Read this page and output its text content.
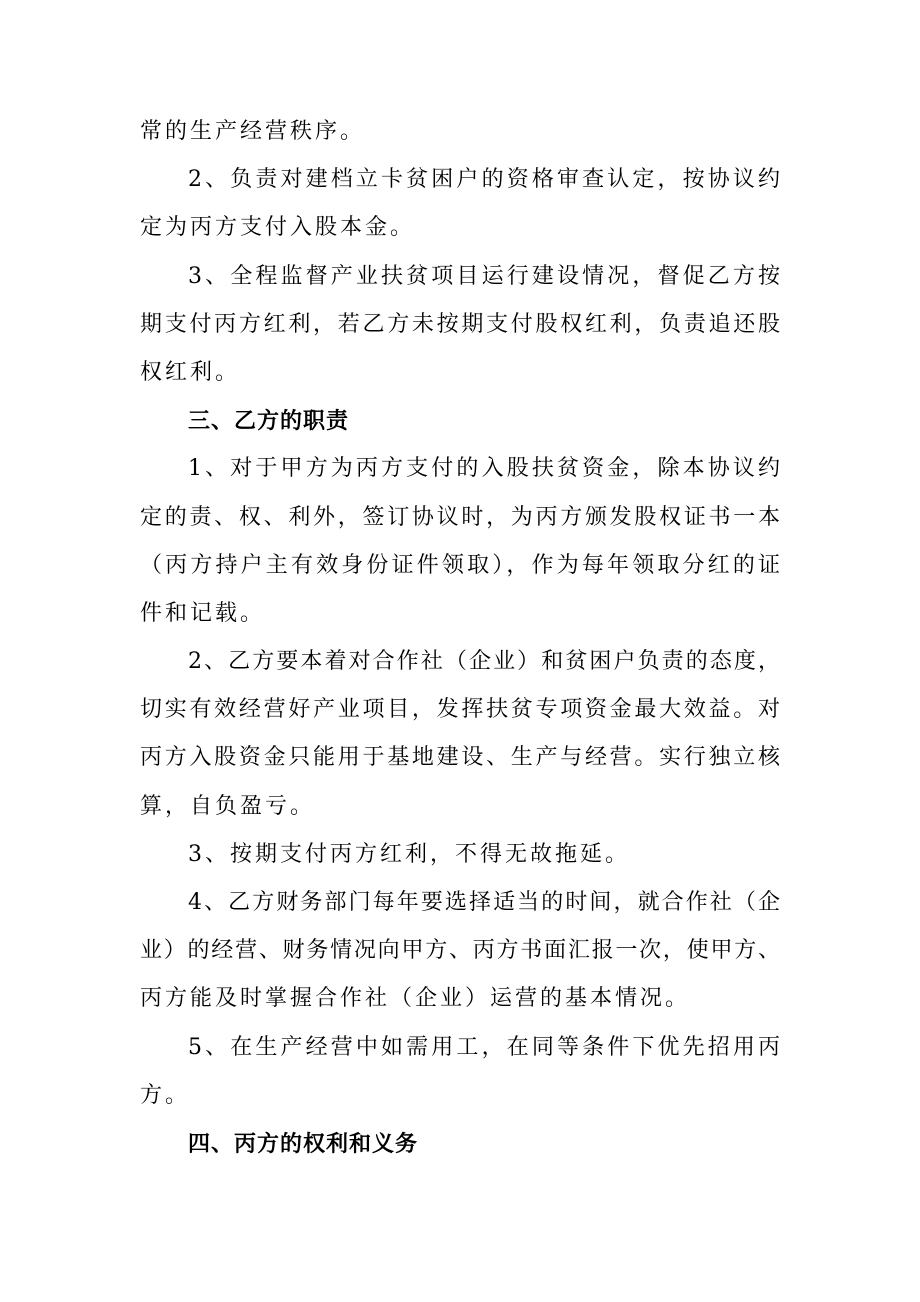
常的生产经营秩序。
2、负责对建档立卡贫困户的资格审查认定，按协议约
定为丙方支付入股本金。
3、全程监督产业扶贫项目运行建设情况，督促乙方按
期支付丙方红利，若乙方未按期支付股权红利，负责追还股
权红利。
三、乙方的职责
1、对于甲方为丙方支付的入股扶贫资金，除本协议约
定的责、权、利外，签订协议时，为丙方颁发股权证书一本
（丙方持户主有效身份证件领取），作为每年领取分红的证
件和记载。
2、乙方要本着对合作社（企业）和贫困户负责的态度，
切实有效经营好产业项目，发挥扶贫专项资金最大效益。对
丙方入股资金只能用于基地建设、生产与经营。实行独立核
算，自负盈亏。
3、按期支付丙方红利，不得无故拖延。
4、乙方财务部门每年要选择适当的时间，就合作社（企
业）的经营、财务情况向甲方、丙方书面汇报一次，使甲方、
丙方能及时掌握合作社（企业）运营的基本情况。
5、在生产经营中如需用工，在同等条件下优先招用丙
方。
四、丙方的权利和义务
